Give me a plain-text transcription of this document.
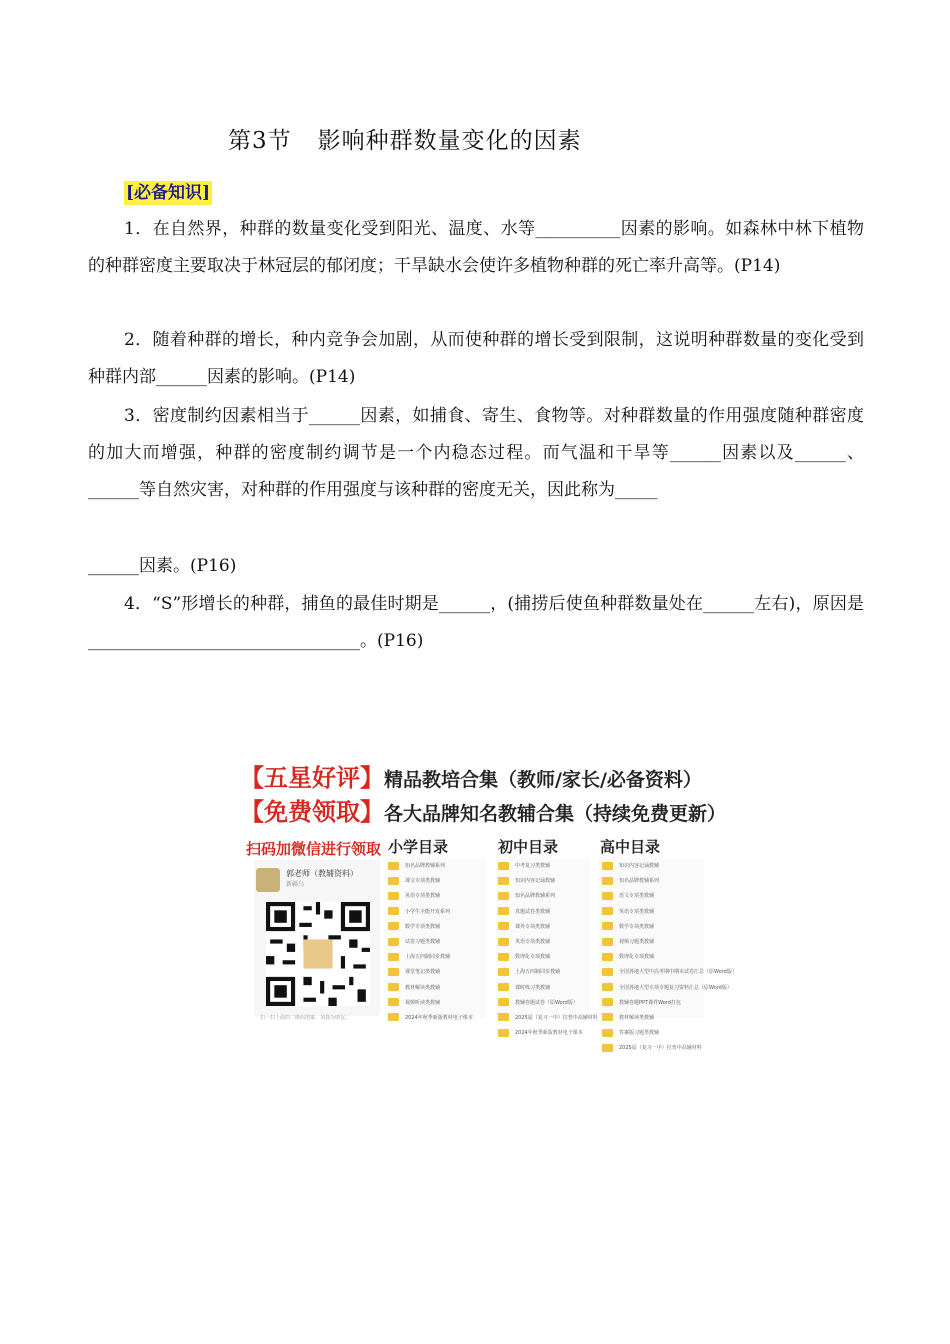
第3节 影响种群数量变化的因素
[必备知识]
1．在自然界，种群的数量变化受到阳光、温度、水等__________因素的影响。如森林中林下植物的种群密度主要取决于林冠层的郁闭度；干旱缺水会使许多植物种群的死亡率升高等。(P14)
2．随着种群的增长，种内竞争会加剧，从而使种群的增长受到限制，这说明种群数量的变化受到种群内部______因素的影响。(P14)
3．密度制约因素相当于______因素，如捕食、寄生、食物等。对种群数量的作用强度随种群密度的加大而增强，种群的密度制约调节是一个内稳态过程。而气温和干旱等______因素以及______、______等自然灾害，对种群的作用强度与该种群的密度无关，因此称为_____
______因素。(P16)
4．“S”形增长的种群，捕鱼的最佳时期是______，(捕捞后使鱼种群数量处在______左右)，原因是 ________________________________。(P16)
【五星好评】精品教培合集（教师/家长/必备资料）
【免费领取】各大品牌知名教辅合集（持续免费更新）
扫码加微信进行领取 小学目录	初中目录	高中目录
郭老师（教辅资料）
新疆乌
扫一扫上面的二维码图案，加我为朋友。
知名品牌教辅系列
课文专项类教辅
英语专项类教辅
小学生全能开发系列
数学专项类教辅
试卷习题类教辅
上海五四制同步教辅
课堂笔记类教辅
教材解读类教辅
视频听读类教辅
2024年秋季新版教材电子课本
中考复习类教辅
知识内容记诵教辅
知名品牌教辅系列
真题试卷类教辅
课外专项类教辅
英语专项类教辅
数理化专项教辅
上海五四制同步教辅
课时练习类教辅
教辅卷题试卷（原Word版）
2025届（复习一中）拉普中高辅材料
2024年秋季新版教材电子课本
知识内容记诵教辅
知名品牌教辅系列
语文专项类教辅
英语专项类教辅
数学专项类教辅
视频习题类教辅
数理化专项教辅
全国各地大型中高考期中期末试卷汇总（原Word版）
全国各地大型专项专题复习资料汇总（原Word版）
教辅卷题PPT课件Word打包
教材解读类教辅
答案版习题类教辅
2025届（复习一中）拉普中高辅材料
